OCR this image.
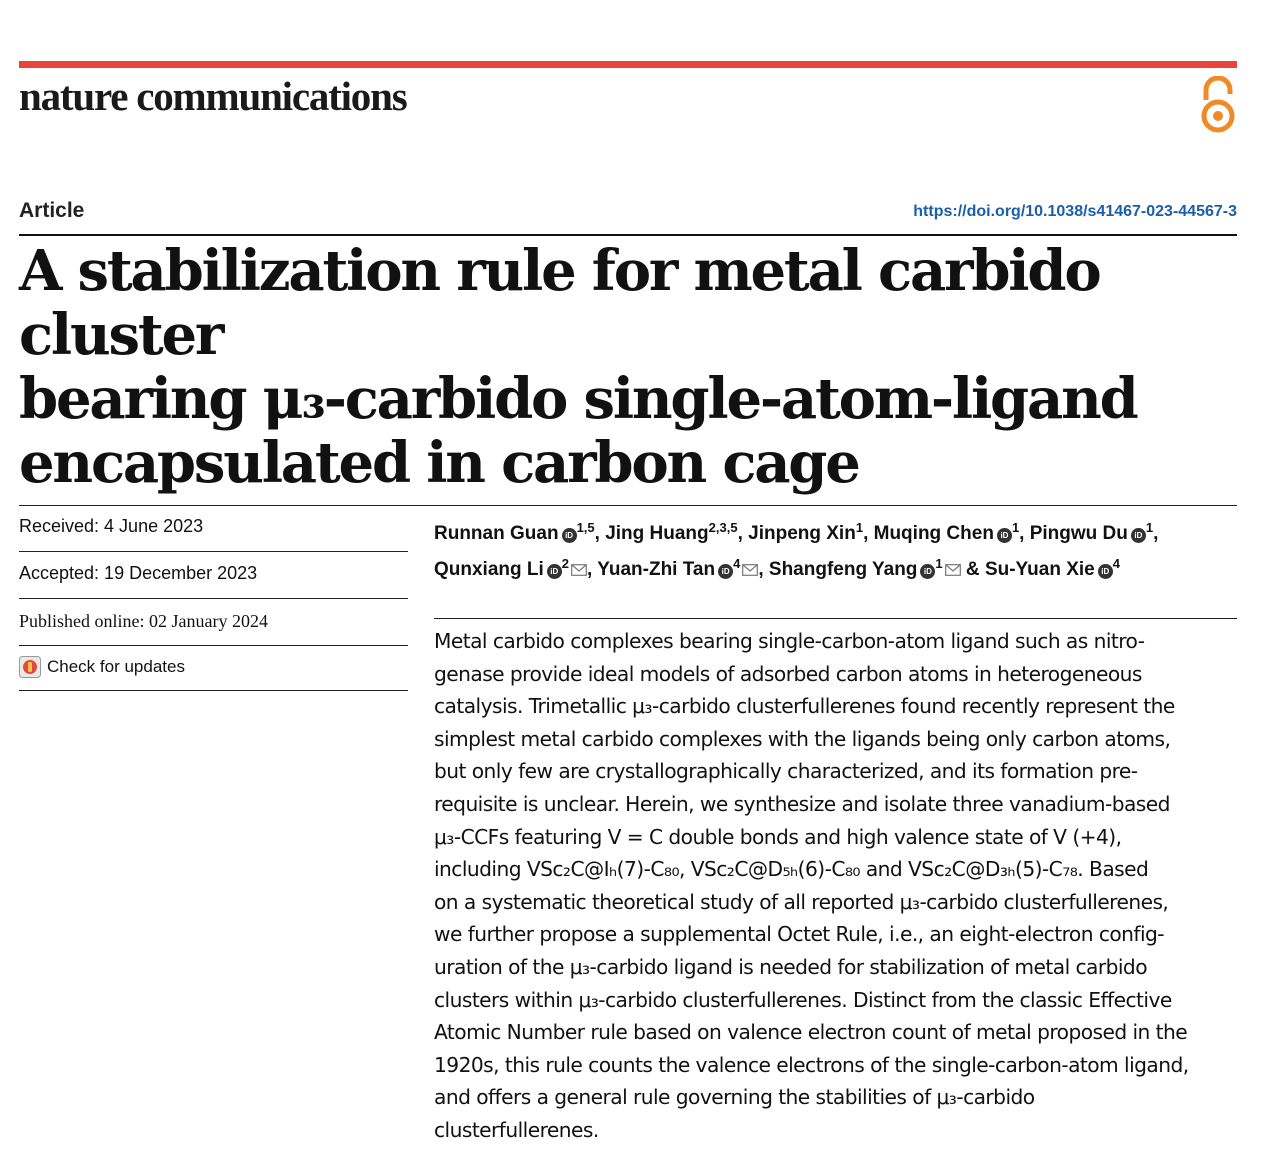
nature communications
Article	https://doi.org/10.1038/s41467-023-44567-3
A stabilization rule for metal carbido cluster
bearing μ₃-carbido single-atom-ligand
encapsulated in carbon cage
Received: 4 June 2023
Accepted: 19 December 2023
Published online: 02 January 2024
Check for updates

Runnan Guan iD$^{1,5}$, Jing Huang$^{2,3,5}$, Jinpeng Xin$^1$, Muqing Chen iD$^1$, Pingwu Du iD$^1$, Qunxiang Li iD$^2$ , Yuan-Zhi Tan iD$^4$ , Shangfeng Yang iD$^1$ & Su-Yuan Xie iD$^4$

Metal carbido complexes bearing single-carbon-atom ligand such as nitro-
genase provide ideal models of adsorbed carbon atoms in heterogeneous
catalysis. Trimetallic μ₃-carbido clusterfullerenes found recently represent the
simplest metal carbido complexes with the ligands being only carbon atoms,
but only few are crystallographically characterized, and its formation pre-
requisite is unclear. Herein, we synthesize and isolate three vanadium-based
μ₃-CCFs featuring V = C double bonds and high valence state of V (+4),
including VSc₂C@Iₕ(7)-C₈₀, VSc₂C@D₅ₕ(6)-C₈₀ and VSc₂C@D₃ₕ(5)-C₇₈. Based
on a systematic theoretical study of all reported μ₃-carbido clusterfullerenes,
we further propose a supplemental Octet Rule, i.e., an eight-electron config-
uration of the μ₃-carbido ligand is needed for stabilization of metal carbido
clusters within μ₃-carbido clusterfullerenes. Distinct from the classic Effective
Atomic Number rule based on valence electron count of metal proposed in the
1920s, this rule counts the valence electrons of the single-carbon-atom ligand,
and offers a general rule governing the stabilities of μ₃-carbido
clusterfullerenes.
